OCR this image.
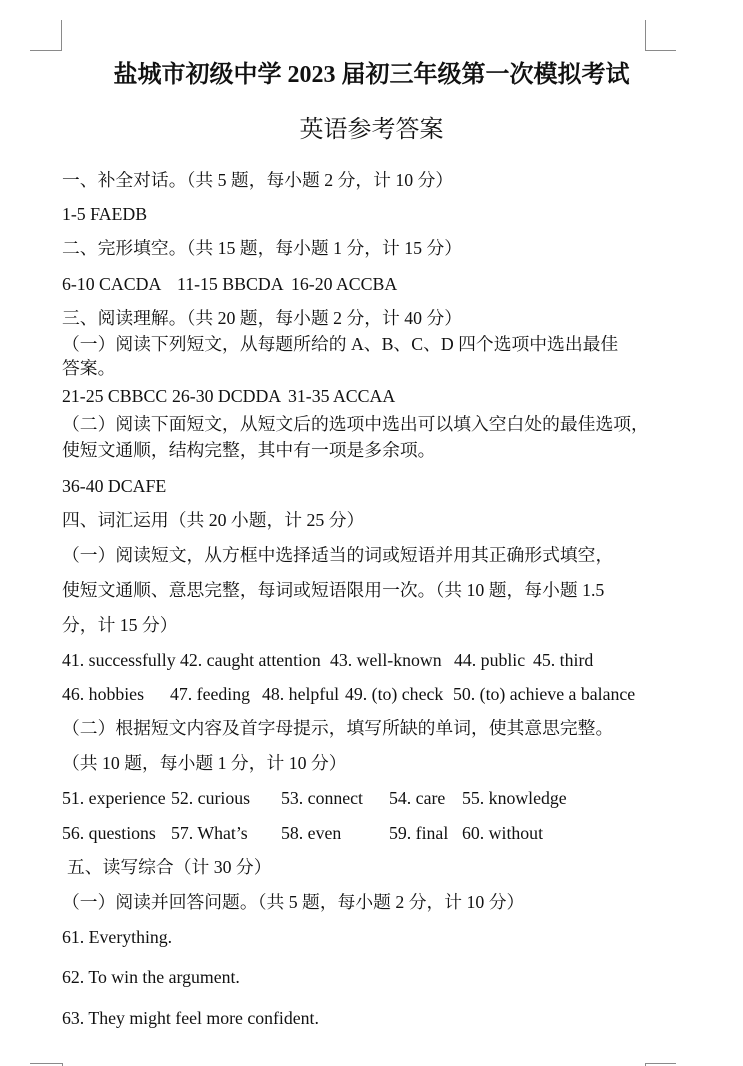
盐城市初级中学 2023 届初三年级第一次模拟考试
英语参考答案
一、补全对话。（共 5 题，每小题 2 分，计 10 分）
1-5 FAEDB
二、完形填空。（共 15 题，每小题 1 分，计 15 分）
6-10 CACDA 11-15 BBCDA 16-20 ACCBA
三、阅读理解。（共 20 题，每小题 2 分，计 40 分）
（一）阅读下列短文，从每题所给的 A、B、C、D 四个选项中选出最佳
答案。
21-25 CBBCC 26-30 DCDDA 31-35 ACCAA
（二）阅读下面短文，从短文后的选项中选出可以填入空白处的最佳选项，
使短文通顺，结构完整，其中有一项是多余项。
36-40 DCAFE
四、词汇运用（共 20 小题，计 25 分）
（一）阅读短文，从方框中选择适当的词或短语并用其正确形式填空，
使短文通顺、意思完整，每词或短语限用一次。（共 10 题，每小题 1.5
分，计 15 分）
41. successfully 42. caught attention 43. well-known 44. public 45. third
46. hobbies 47. feeding 48. helpful 49. (to) check 50. (to) achieve a balance
（二）根据短文内容及首字母提示，填写所缺的单词，使其意思完整。
（共 10 题，每小题 1 分，计 10 分）
51. experience 52. curious 53. connect 54. care 55. knowledge
56. questions 57. What’s 58. even	59. final 60. without
五、读写综合（计 30 分）
（一）阅读并回答问题。（共 5 题，每小题 2 分，计 10 分）
61. Everything.
62. To win the argument.
63. They might feel more confident.
